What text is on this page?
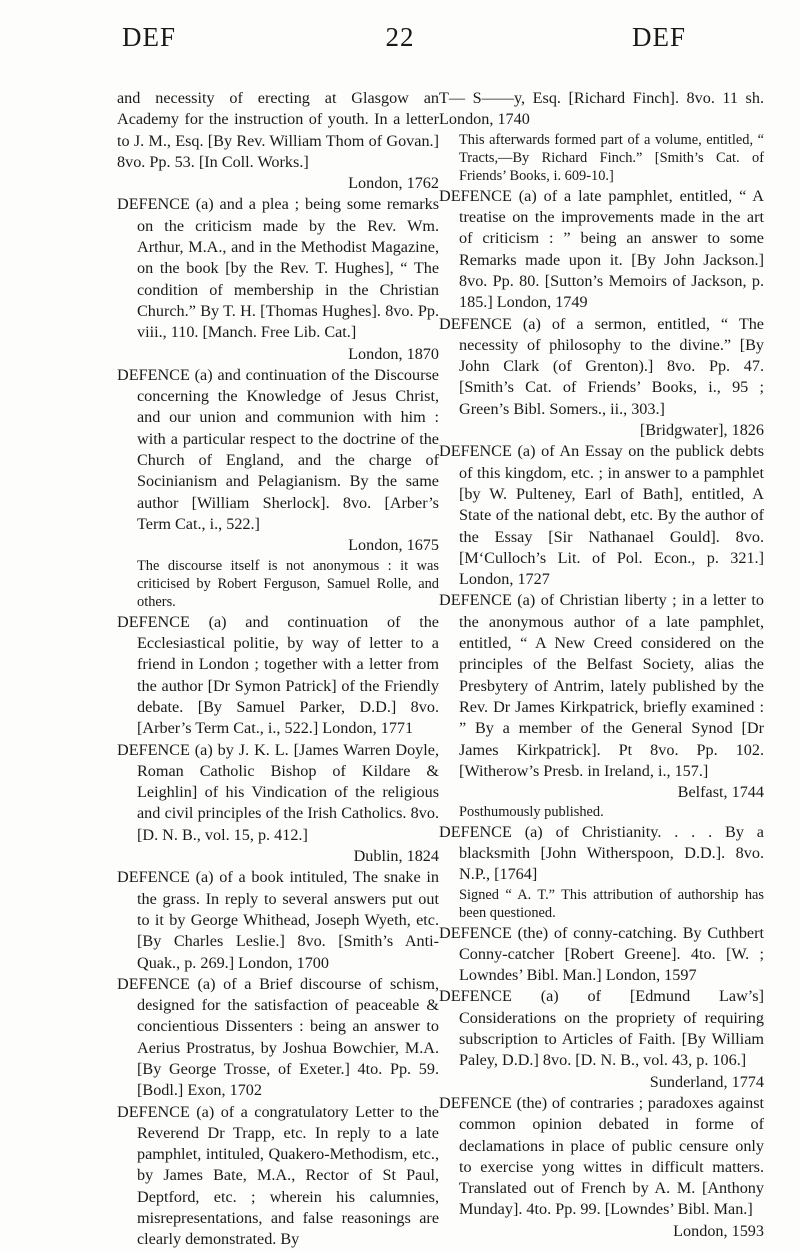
DEF	22	DEF

and necessity of erecting at Glasgow an Academy for the instruction of youth. In a letter to J. M., Esq. [By Rev. William Thom of Govan.] 8vo. Pp. 53. [In Coll. Works.]
London, 1762

DEFENCE (a) and a plea ; being some remarks on the criticism made by the Rev. Wm. Arthur, M.A., and in the Methodist Magazine, on the book [by the Rev. T. Hughes], “ The condition of membership in the Christian Church.” By T. H. [Thomas Hughes]. 8vo. Pp. viii., 110. [Manch. Free Lib. Cat.]
London, 1870

DEFENCE (a) and continuation of the Discourse concerning the Knowledge of Jesus Christ, and our union and communion with him : with a particular respect to the doctrine of the Church of England, and the charge of Socinianism and Pelagianism. By the same author [William Sherlock]. 8vo. [Arber’s Term Cat., i., 522.]
London, 1675

The discourse itself is not anonymous : it was criticised by Robert Ferguson, Samuel Rolle, and others.

DEFENCE (a) and continuation of the Ecclesiastical politie, by way of letter to a friend in London ; together with a letter from the author [Dr Symon Patrick] of the Friendly debate. [By Samuel Parker, D.D.] 8vo. [Arber’s Term Cat., i., 522.] London, 1771

DEFENCE (a) by J. K. L. [James Warren Doyle, Roman Catholic Bishop of Kildare & Leighlin] of his Vindication of the religious and civil principles of the Irish Catholics. 8vo. [D. N. B., vol. 15, p. 412.]
Dublin, 1824

DEFENCE (a) of a book intituled, The snake in the grass. In reply to several answers put out to it by George Whithead, Joseph Wyeth, etc. [By Charles Leslie.] 8vo. [Smith’s Anti-Quak., p. 269.] London, 1700

DEFENCE (a) of a Brief discourse of schism, designed for the satisfaction of peaceable & concientious Dissenters : being an answer to Aerius Prostratus, by Joshua Bowchier, M.A. [By George Trosse, of Exeter.] 4to. Pp. 59. [Bodl.] Exon, 1702

DEFENCE (a) of a congratulatory Letter to the Reverend Dr Trapp, etc. In reply to a late pamphlet, intituled, Quakero-Methodism, etc., by James Bate, M.A., Rector of St Paul, Deptford, etc. ; wherein his calumnies, misrepresentations, and false reasonings are clearly demonstrated. By

T— S——y, Esq. [Richard Finch]. 8vo. 11 sh. London, 1740

This afterwards formed part of a volume, entitled, “ Tracts,—By Richard Finch.” [Smith’s Cat. of Friends’ Books, i. 609-10.]

DEFENCE (a) of a late pamphlet, entitled, “ A treatise on the improvements made in the art of criticism : ” being an answer to some Remarks made upon it. [By John Jackson.] 8vo. Pp. 80. [Sutton’s Memoirs of Jackson, p. 185.] London, 1749

DEFENCE (a) of a sermon, entitled, “ The necessity of philosophy to the divine.” [By John Clark (of Grenton).] 8vo. Pp. 47. [Smith’s Cat. of Friends’ Books, i., 95 ; Green’s Bibl. Somers., ii., 303.]
[Bridgwater], 1826

DEFENCE (a) of An Essay on the publick debts of this kingdom, etc. ; in answer to a pamphlet [by W. Pulteney, Earl of Bath], entitled, A State of the national debt, etc. By the author of the Essay [Sir Nathanael Gould]. 8vo. [M‘Culloch’s Lit. of Pol. Econ., p. 321.] London, 1727

DEFENCE (a) of Christian liberty ; in a letter to the anonymous author of a late pamphlet, entitled, “ A New Creed considered on the principles of the Belfast Society, alias the Presbytery of Antrim, lately published by the Rev. Dr James Kirkpatrick, briefly examined : ” By a member of the General Synod [Dr James Kirkpatrick]. Pt 8vo. Pp. 102. [Witherow’s Presb. in Ireland, i., 157.]
Belfast, 1744

Posthumously published.

DEFENCE (a) of Christianity. . . . By a blacksmith [John Witherspoon, D.D.]. 8vo. N.P., [1764]

Signed “ A. T.” This attribution of authorship has been questioned.

DEFENCE (the) of conny-catching. By Cuthbert Conny-catcher [Robert Greene]. 4to. [W. ; Lowndes’ Bibl. Man.] London, 1597

DEFENCE (a) of [Edmund Law’s] Considerations on the propriety of requiring subscription to Articles of Faith. [By William Paley, D.D.] 8vo. [D. N. B., vol. 43, p. 106.]
Sunderland, 1774

DEFENCE (the) of contraries ; paradoxes against common opinion debated in forme of declamations in place of public censure only to exercise yong wittes in difficult matters. Translated out of French by A. M. [Anthony Munday]. 4to. Pp. 99. [Lowndes’ Bibl. Man.]
London, 1593
